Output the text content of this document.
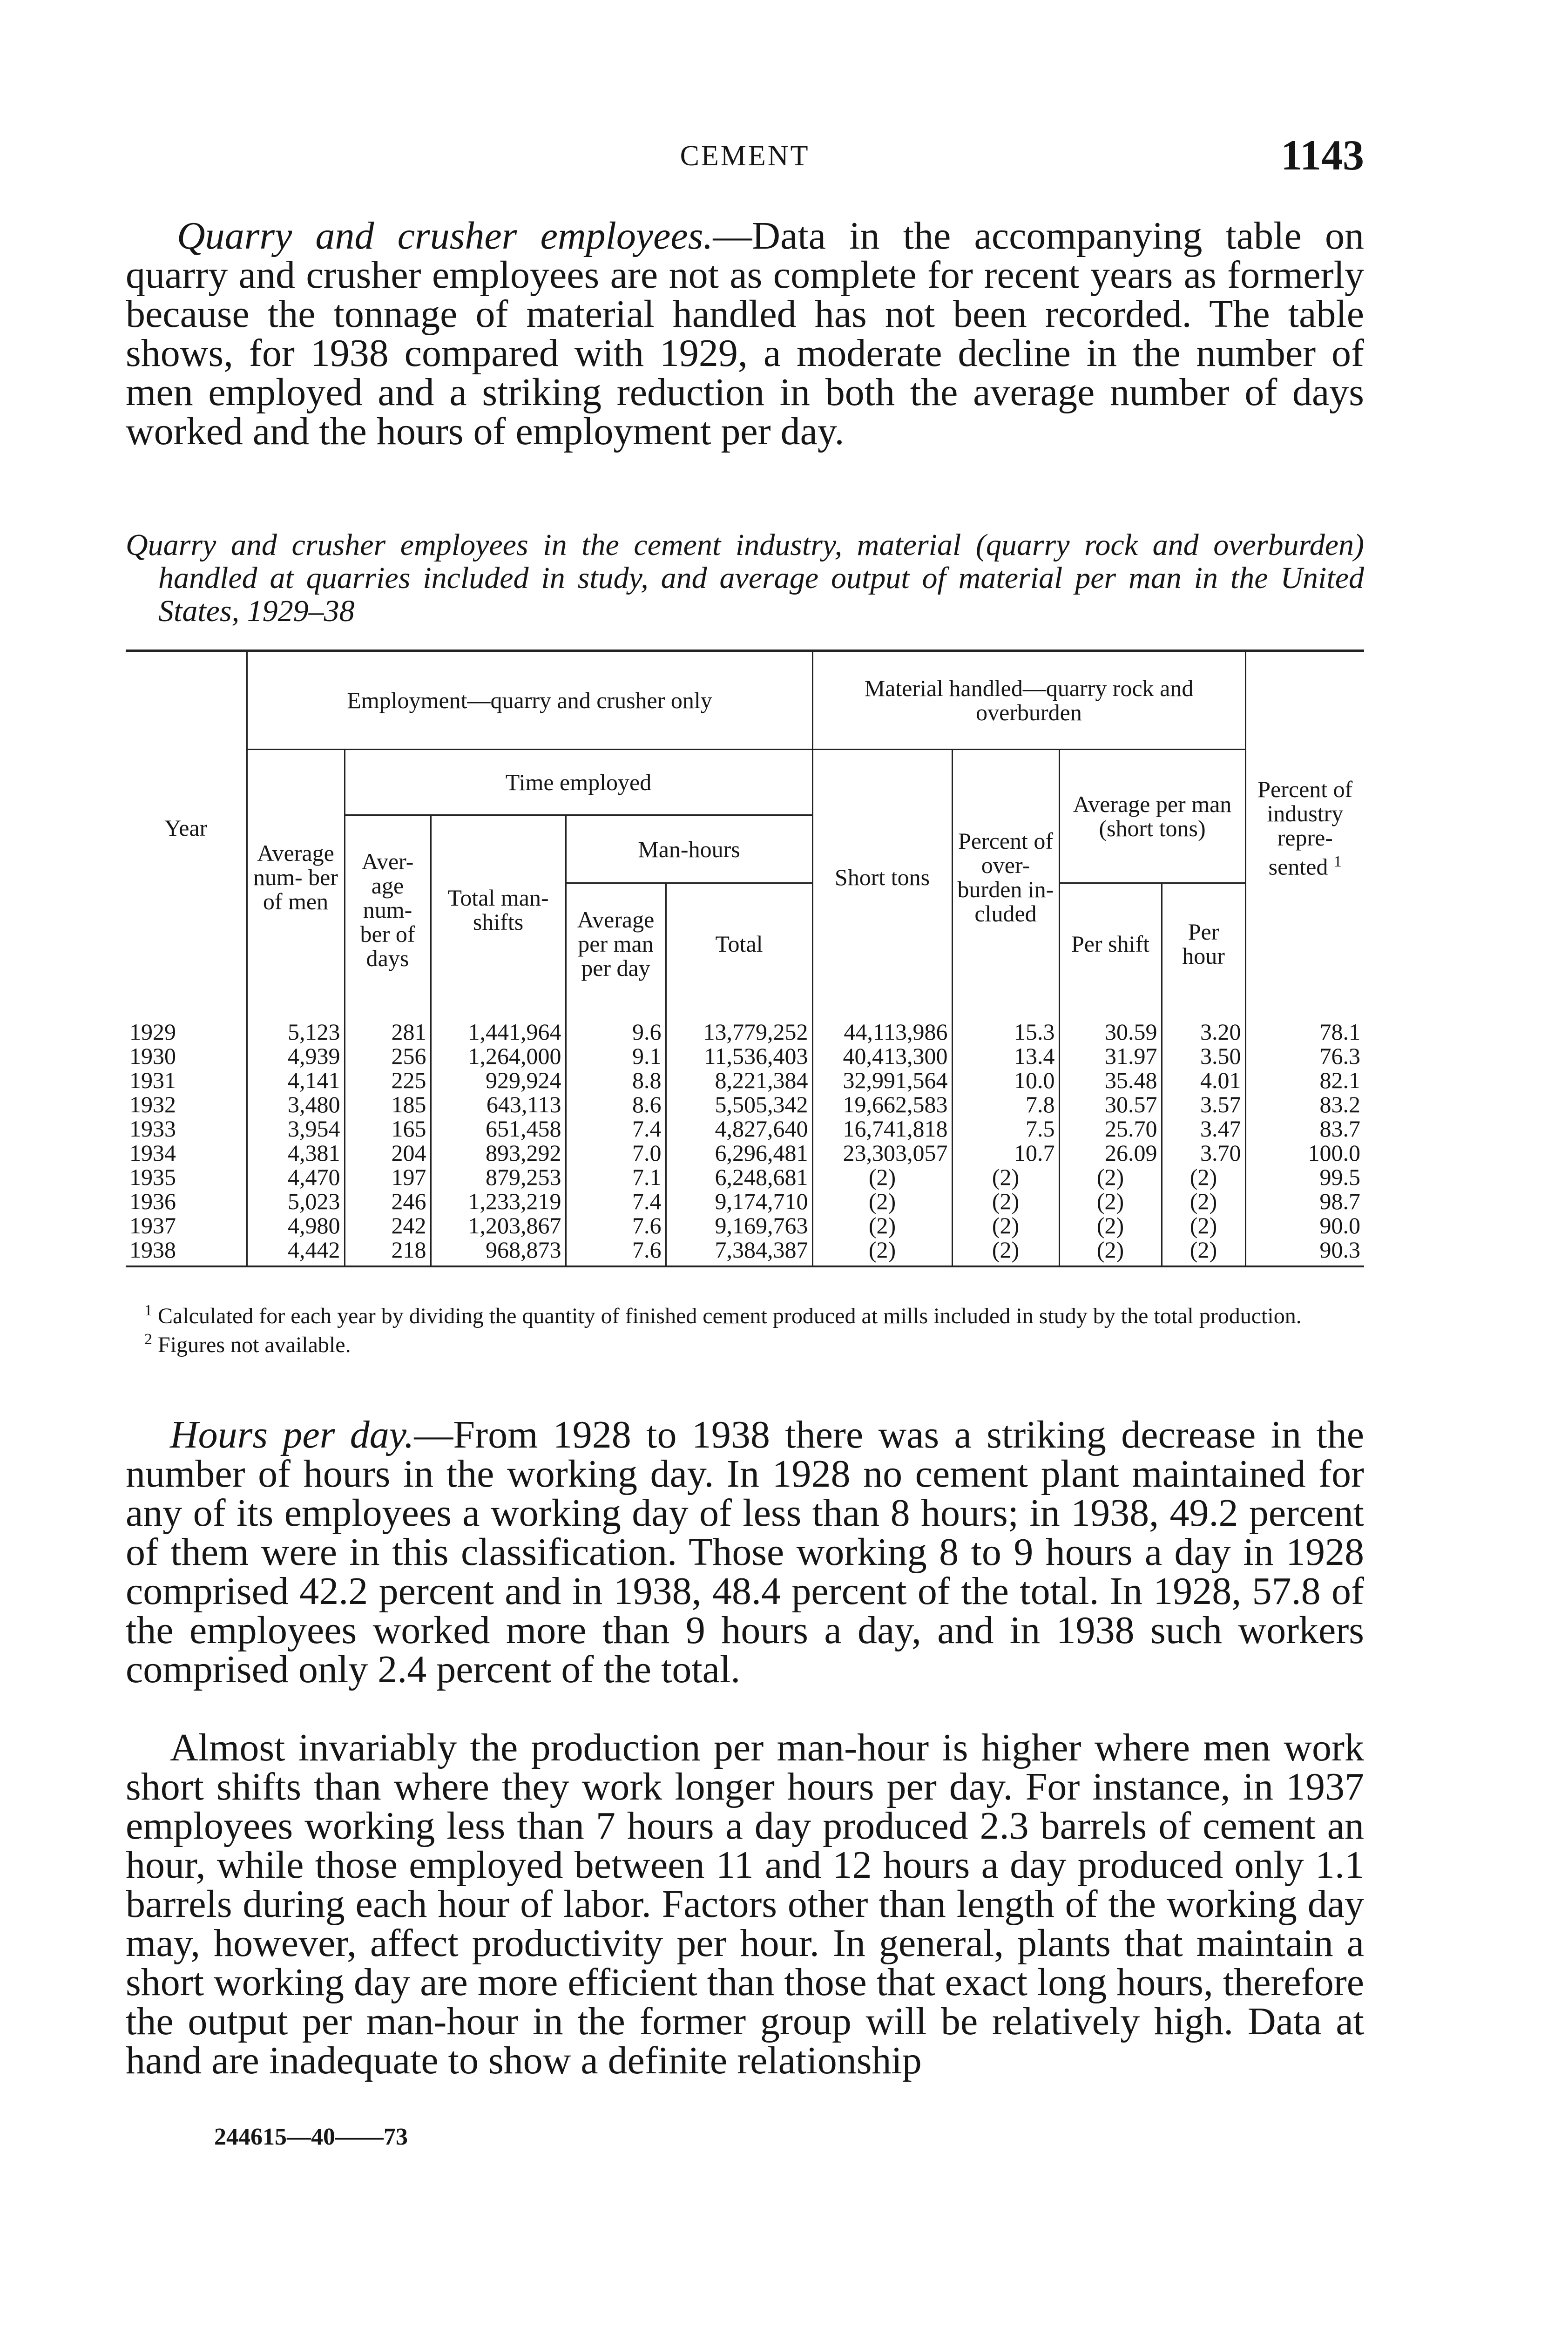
CEMENT	1143

Quarry and crusher employees.—Data in the accompanying table on quarry and crusher employees are not as complete for recent years as formerly because the tonnage of material handled has not been recorded. The table shows, for 1938 compared with 1929, a moderate decline in the number of men employed and a striking reduction in both the average number of days worked and the hours of employment per day.

Quarry and crusher employees in the cement industry, material (quarry rock and overburden) handled at quarries included in study, and average output of material per man in the United States, 1929–38

Year	Employment—quarry and crusher only					Material handled—quarry rock and overburden				Percent of industry repre- sented $^1$
	Average num- ber of men	Time employed				Short tons	Percent of over- burden in- cluded	Average per man (short tons)		
		Aver- age num- ber of days	Total man- shifts	Man-hours						
				Average per man per day	Total			Per shift	Per hour	

1929	5,123	281	1,441,964	9.6	13,779,252	44,113,986	15.3	30.59	3.20	78.1
1930	4,939	256	1,264,000	9.1	11,536,403	40,413,300	13.4	31.97	3.50	76.3
1931	4,141	225	929,924	8.8	8,221,384	32,991,564	10.0	35.48	4.01	82.1
1932	3,480	185	643,113	8.6	5,505,342	19,662,583	7.8	30.57	3.57	83.2
1933	3,954	165	651,458	7.4	4,827,640	16,741,818	7.5	25.70	3.47	83.7
1934	4,381	204	893,292	7.0	6,296,481	23,303,057	10.7	26.09	3.70	100.0
1935	4,470	197	879,253	7.1	6,248,681	(2)	(2)	(2)	(2)	99.5
1936	5,023	246	1,233,219	7.4	9,174,710	(2)	(2)	(2)	(2)	98.7
1937	4,980	242	1,203,867	7.6	9,169,763	(2)	(2)	(2)	(2)	90.0
1938	4,442	218	968,873	7.6	7,384,387	(2)	(2)	(2)	(2)	90.3

$^1$ Calculated for each year by dividing the quantity of finished cement produced at mills included in study by the total production.

$^2$ Figures not available.

Hours per day.—From 1928 to 1938 there was a striking decrease in the number of hours in the working day. In 1928 no cement plant maintained for any of its employees a working day of less than 8 hours; in 1938, 49.2 percent of them were in this classification. Those working 8 to 9 hours a day in 1928 comprised 42.2 percent and in 1938, 48.4 percent of the total. In 1928, 57.8 of the employees worked more than 9 hours a day, and in 1938 such workers comprised only 2.4 percent of the total.

Almost invariably the production per man-hour is higher where men work short shifts than where they work longer hours per day. For instance, in 1937 employees working less than 7 hours a day produced 2.3 barrels of cement an hour, while those employed between 11 and 12 hours a day produced only 1.1 barrels during each hour of labor. Factors other than length of the working day may, however, affect productivity per hour. In general, plants that maintain a short working day are more efficient than those that exact long hours, therefore the output per man-hour in the former group will be relatively high. Data at hand are inadequate to show a definite relationship

244615—40——73
